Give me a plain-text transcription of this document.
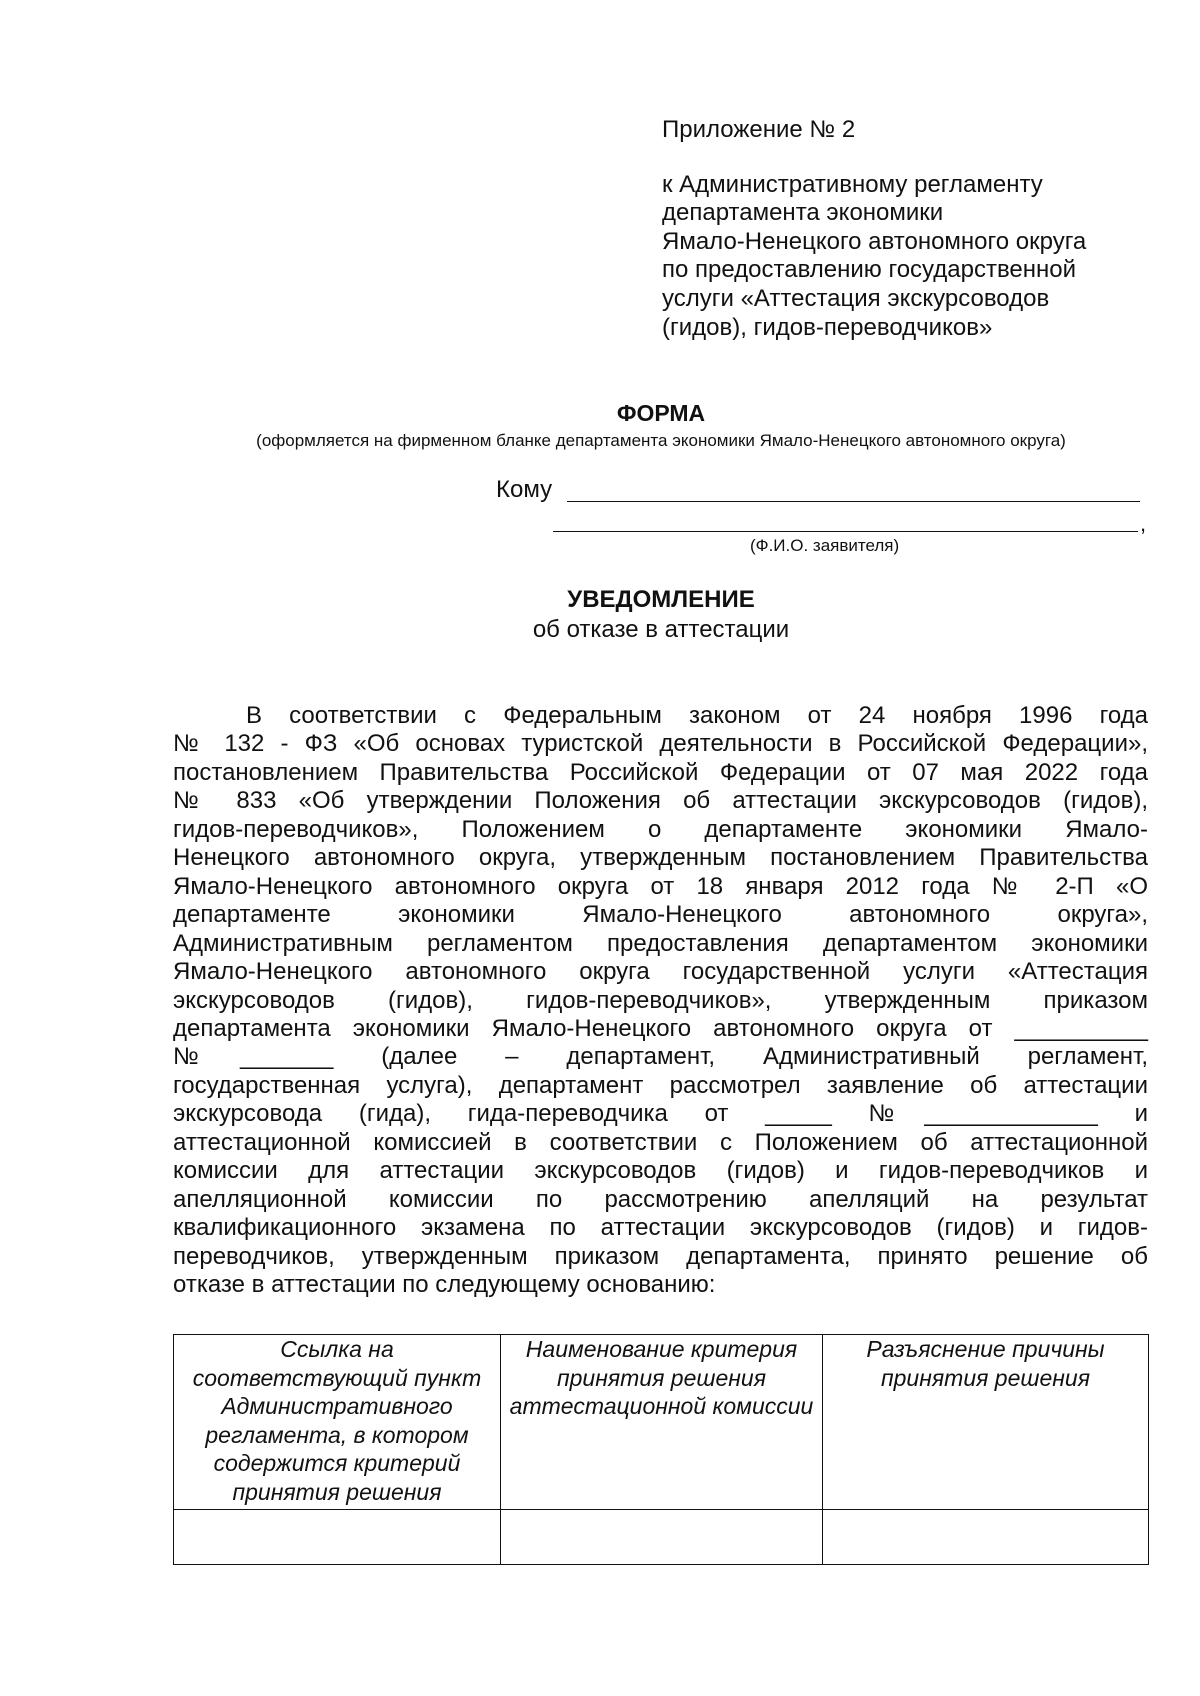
Приложение № 2
к Административному регламенту
департамента экономики
Ямало-Ненецкого автономного округа
по предоставлению государственной
услуги «Аттестация экскурсоводов
(гидов), гидов-переводчиков»
ФОРМА
(оформляется на фирменном бланке департамента экономики Ямало-Ненецкого автономного округа)
Кому
,
(Ф.И.О. заявителя)
УВЕДОМЛЕНИЕ
об отказе в аттестации
В соответствии с Федеральным законом от 24 ноября 1996 года
№ 132 - ФЗ «Об основах туристской деятельности в Российской Федерации»,
постановлением Правительства Российской Федерации от 07 мая 2022 года
№ 833 «Об утверждении Положения об аттестации экскурсоводов (гидов),
гидов-переводчиков», Положением о департаменте экономики Ямало-
Ненецкого автономного округа, утвержденным постановлением Правительства
Ямало-Ненецкого автономного округа от 18 января 2012 года № 2-П «О
департаменте экономики Ямало-Ненецкого автономного округа»,
Административным регламентом предоставления департаментом экономики
Ямало-Ненецкого автономного округа государственной услуги «Аттестация
экскурсоводов (гидов), гидов-переводчиков», утвержденным приказом
департамента экономики Ямало-Ненецкого автономного округа от __________
№_______ (далее – департамент, Административный регламент,
государственная услуга), департамент рассмотрел заявление об аттестации
экскурсовода (гида), гида-переводчика от _____ №_____________ и
аттестационной комиссией в соответствии с Положением об аттестационной
комиссии для аттестации экскурсоводов (гидов) и гидов-переводчиков и
апелляционной комиссии по рассмотрению апелляций на результат
квалификационного экзамена по аттестации экскурсоводов (гидов) и гидов-
переводчиков, утвержденным приказом департамента, принято решение об
отказе в аттестации по следующему основанию:
Ссылка на соответствующий пункт Административного регламента, в котором содержится критерий принятия решения	Наименование критерия принятия решения аттестационной комиссии	Разъяснение причины принятия решения
